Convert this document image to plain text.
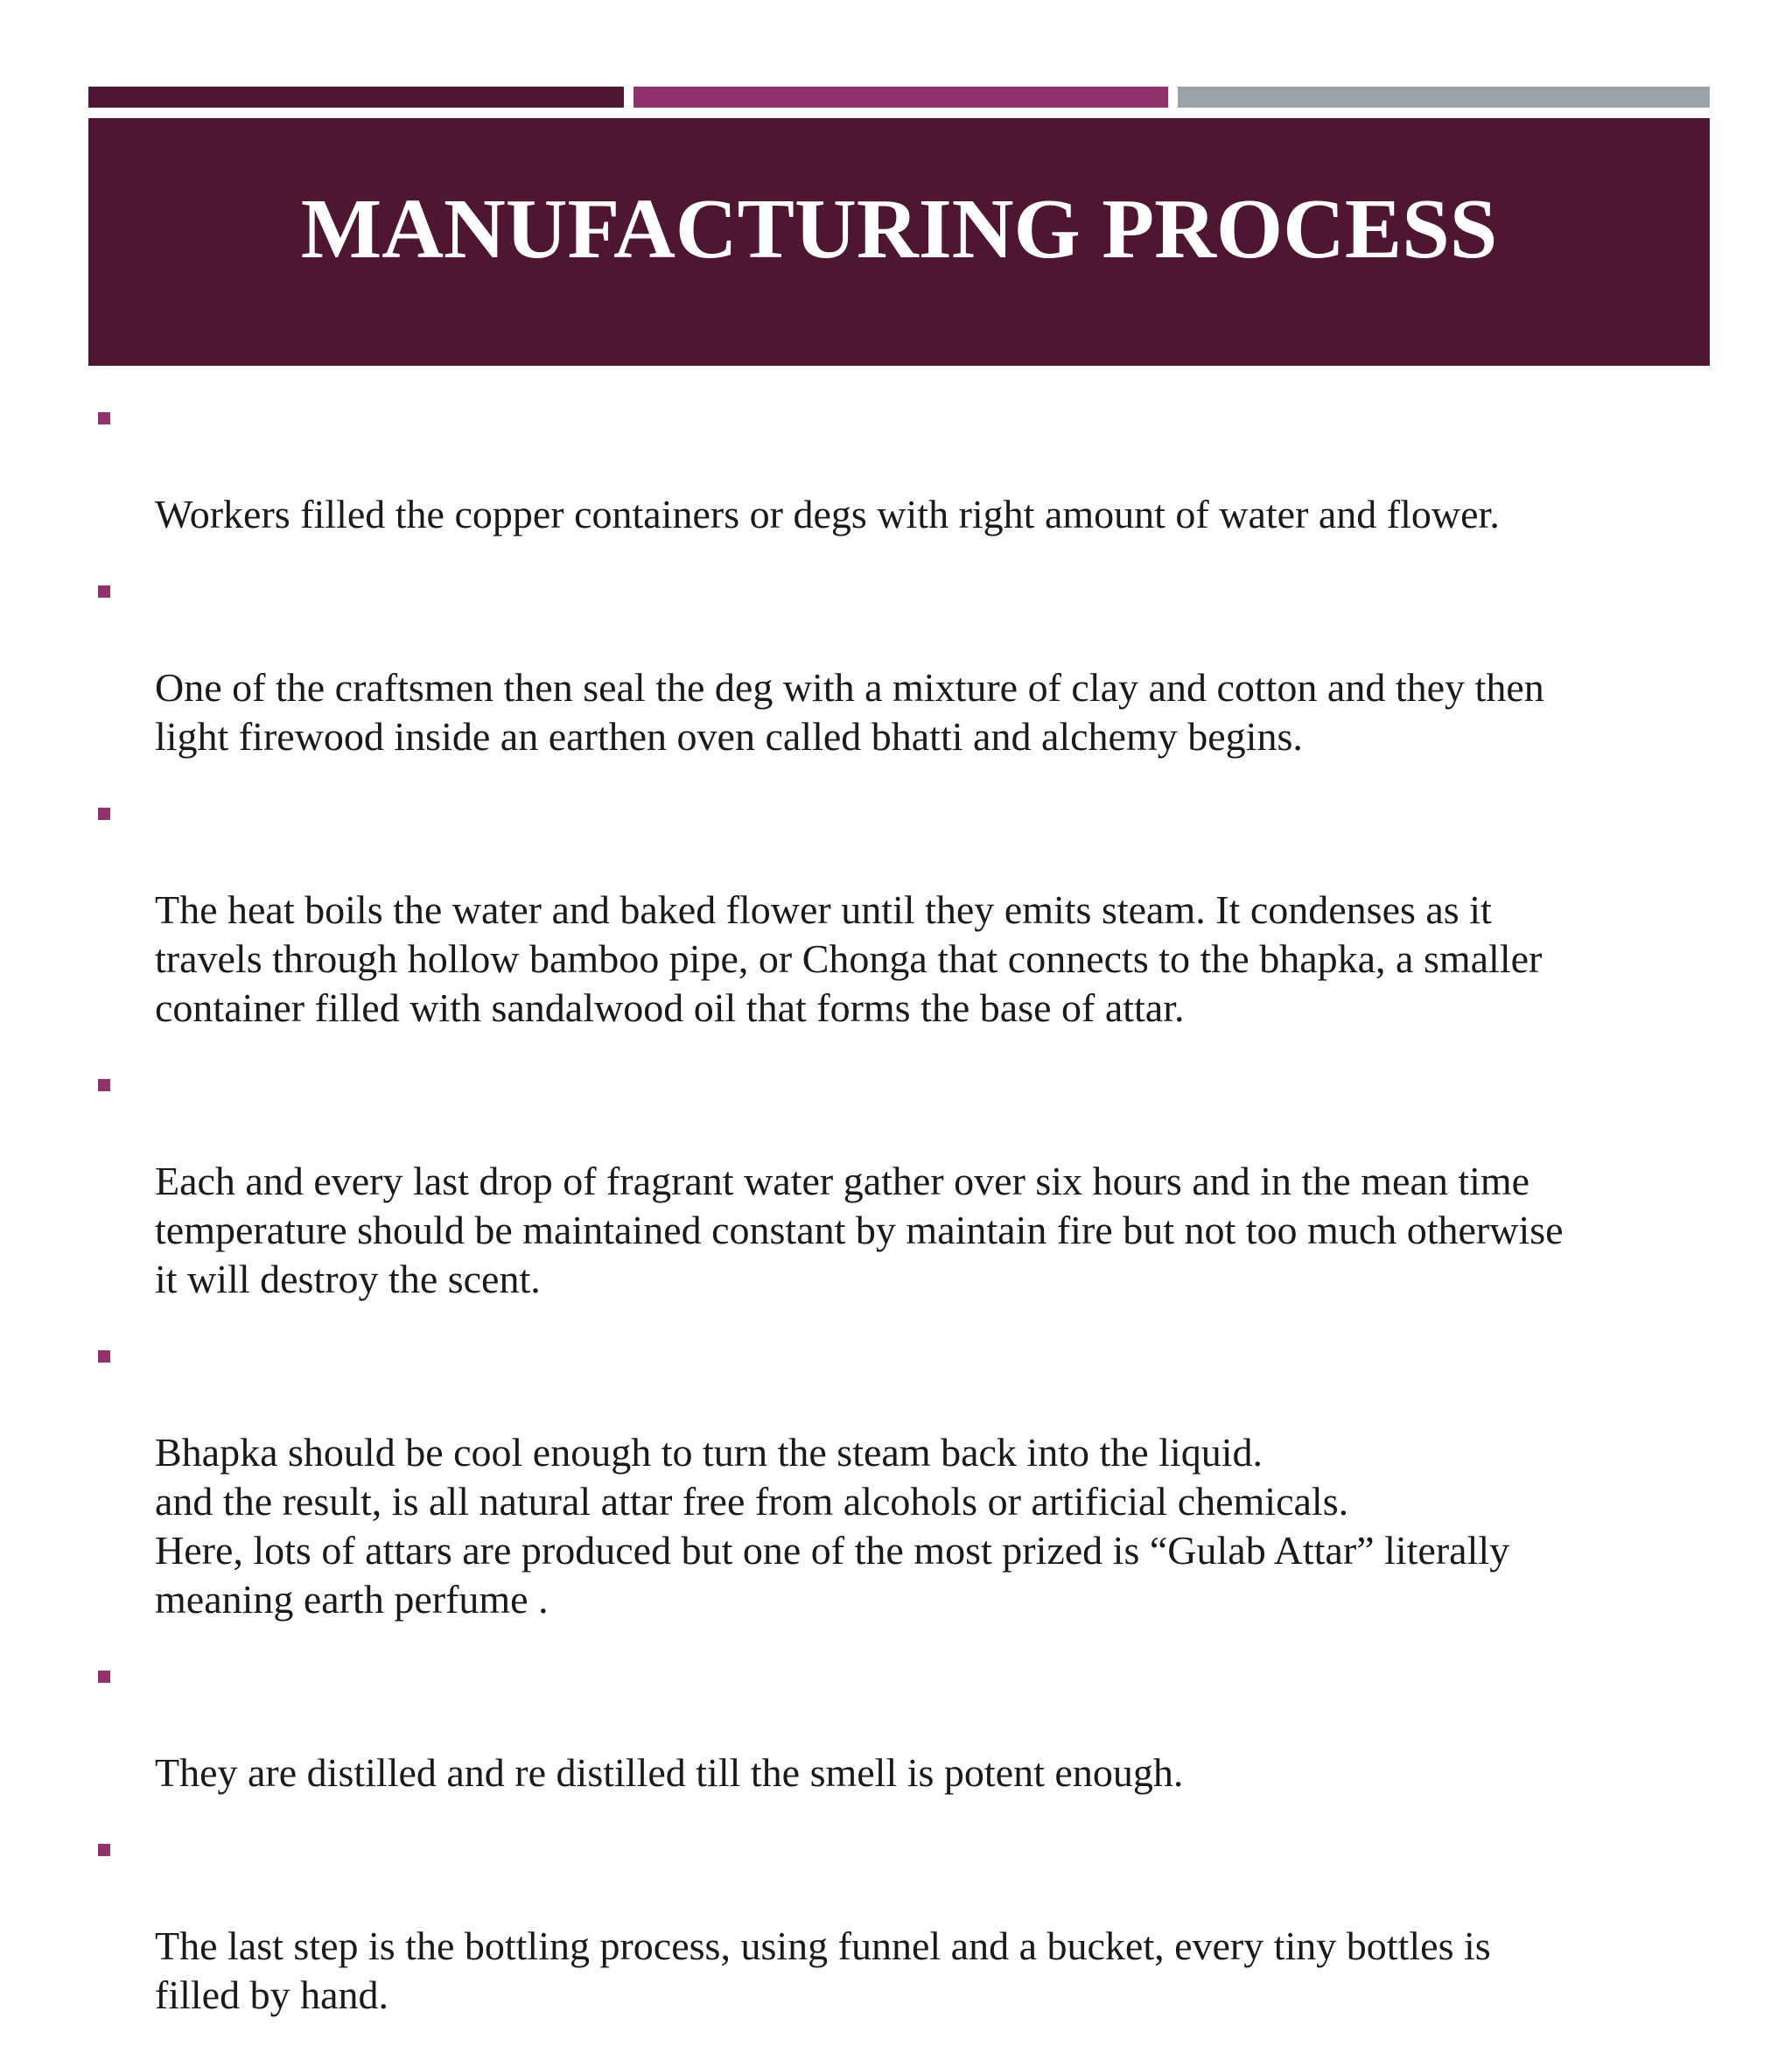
MANUFACTURING PROCESS

Workers filled the copper containers or degs with right amount of water and flower.

One of the craftsmen then seal the deg with a mixture of clay and cotton and they then
light firewood inside an earthen oven called bhatti and alchemy begins.

The heat boils the water and baked flower until they emits steam. It condenses as it
travels through hollow bamboo pipe, or Chonga that connects to the bhapka, a smaller
container filled with sandalwood oil that forms the base of attar.

Each and every last drop of fragrant water gather over six hours and in the mean time
temperature should be maintained constant by maintain fire but not too much otherwise
it will destroy the scent.

Bhapka should be cool enough to turn the steam back into the liquid.
and the result, is all natural attar free from alcohols or artificial chemicals.
Here, lots of attars are produced but one of the most prized is “Gulab Attar” literally
meaning earth perfume .

They are distilled and re distilled till the smell is potent enough.

The last step is the bottling process, using funnel and a bucket, every tiny bottles is
filled by hand.
